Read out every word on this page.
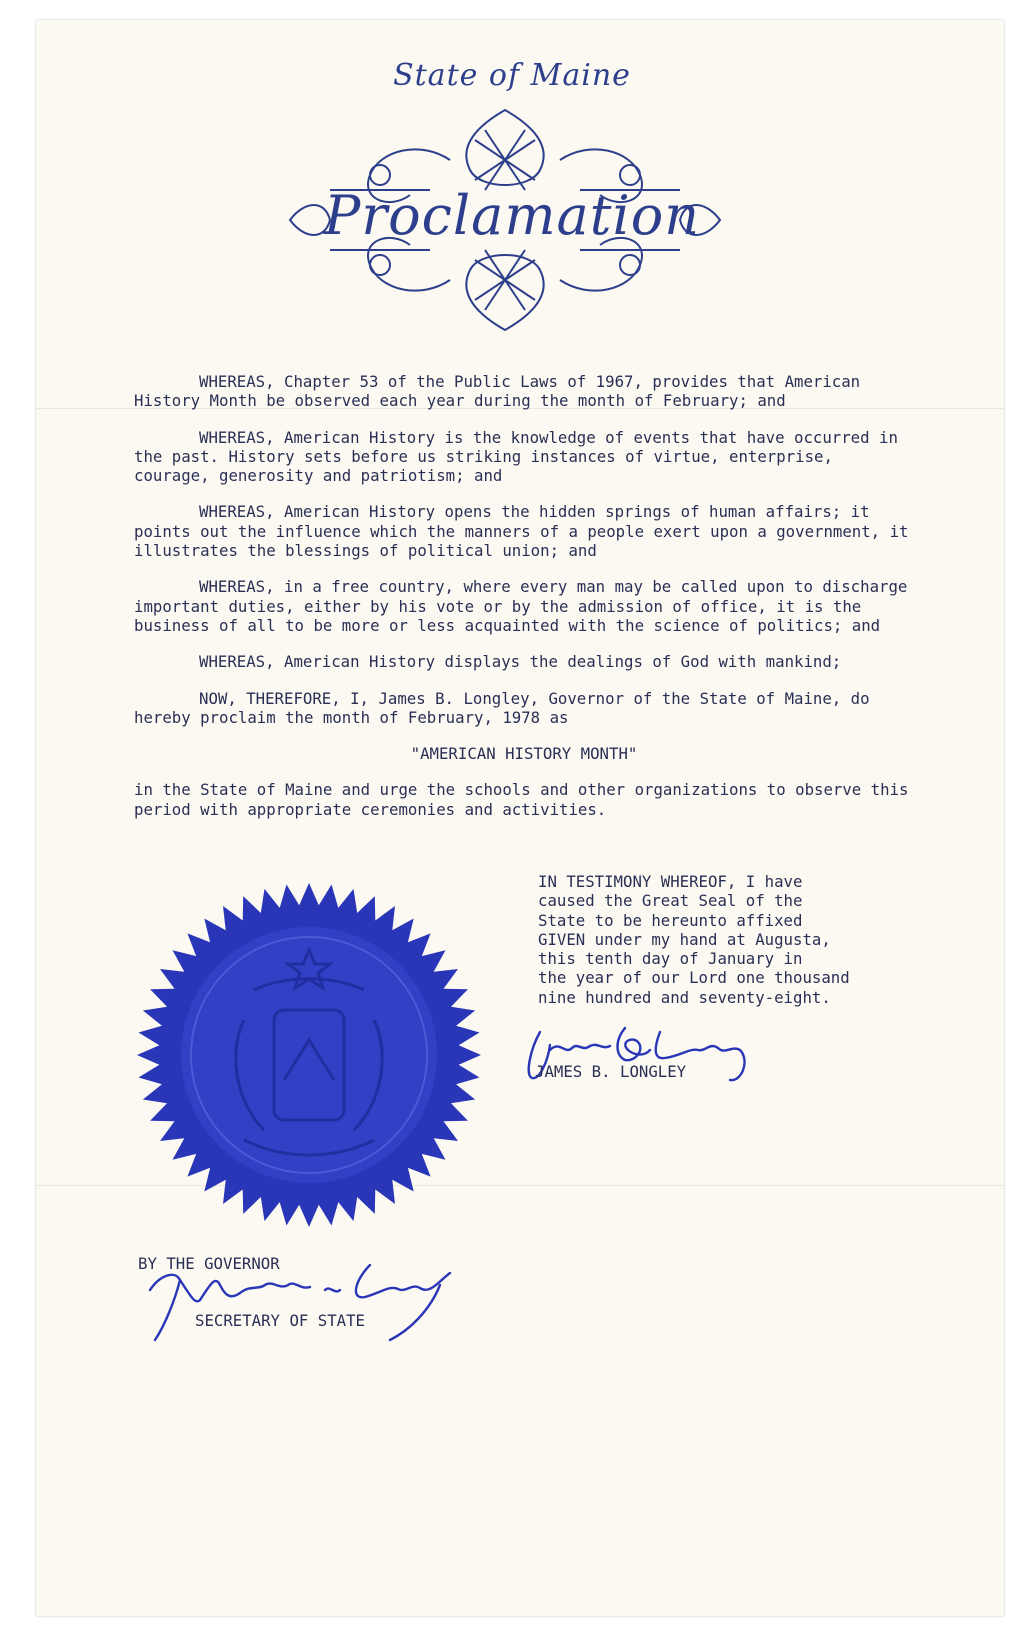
State of Maine
Proclamation

WHEREAS, Chapter 53 of the Public Laws of 1967, provides that American History Month be observed each year during the month of February; and

WHEREAS, American History is the knowledge of events that have occurred in the past. History sets before us striking instances of virtue, enterprise, courage, generosity and patriotism; and

WHEREAS, American History opens the hidden springs of human affairs; it points out the influence which the manners of a people exert upon a government, it illustrates the blessings of political union; and

WHEREAS, in a free country, where every man may be called upon to discharge important duties, either by his vote or by the admission of office, it is the business of all to be more or less acquainted with the science of politics; and

WHEREAS, American History displays the dealings of God with mankind;

NOW, THEREFORE, I, James B. Longley, Governor of the State of Maine, do hereby proclaim the month of February, 1978 as

"AMERICAN HISTORY MONTH"

in the State of Maine and urge the schools and other organizations to observe this period with appropriate ceremonies and activities.

IN TESTIMONY WHEREOF, I have
caused the Great Seal of the
State to be hereunto affixed
GIVEN under my hand at Augusta,
this tenth day of January in
the year of our Lord one thousand
nine hundred and seventy-eight.
JAMES B. LONGLEY
BY THE GOVERNOR
SECRETARY OF STATE
